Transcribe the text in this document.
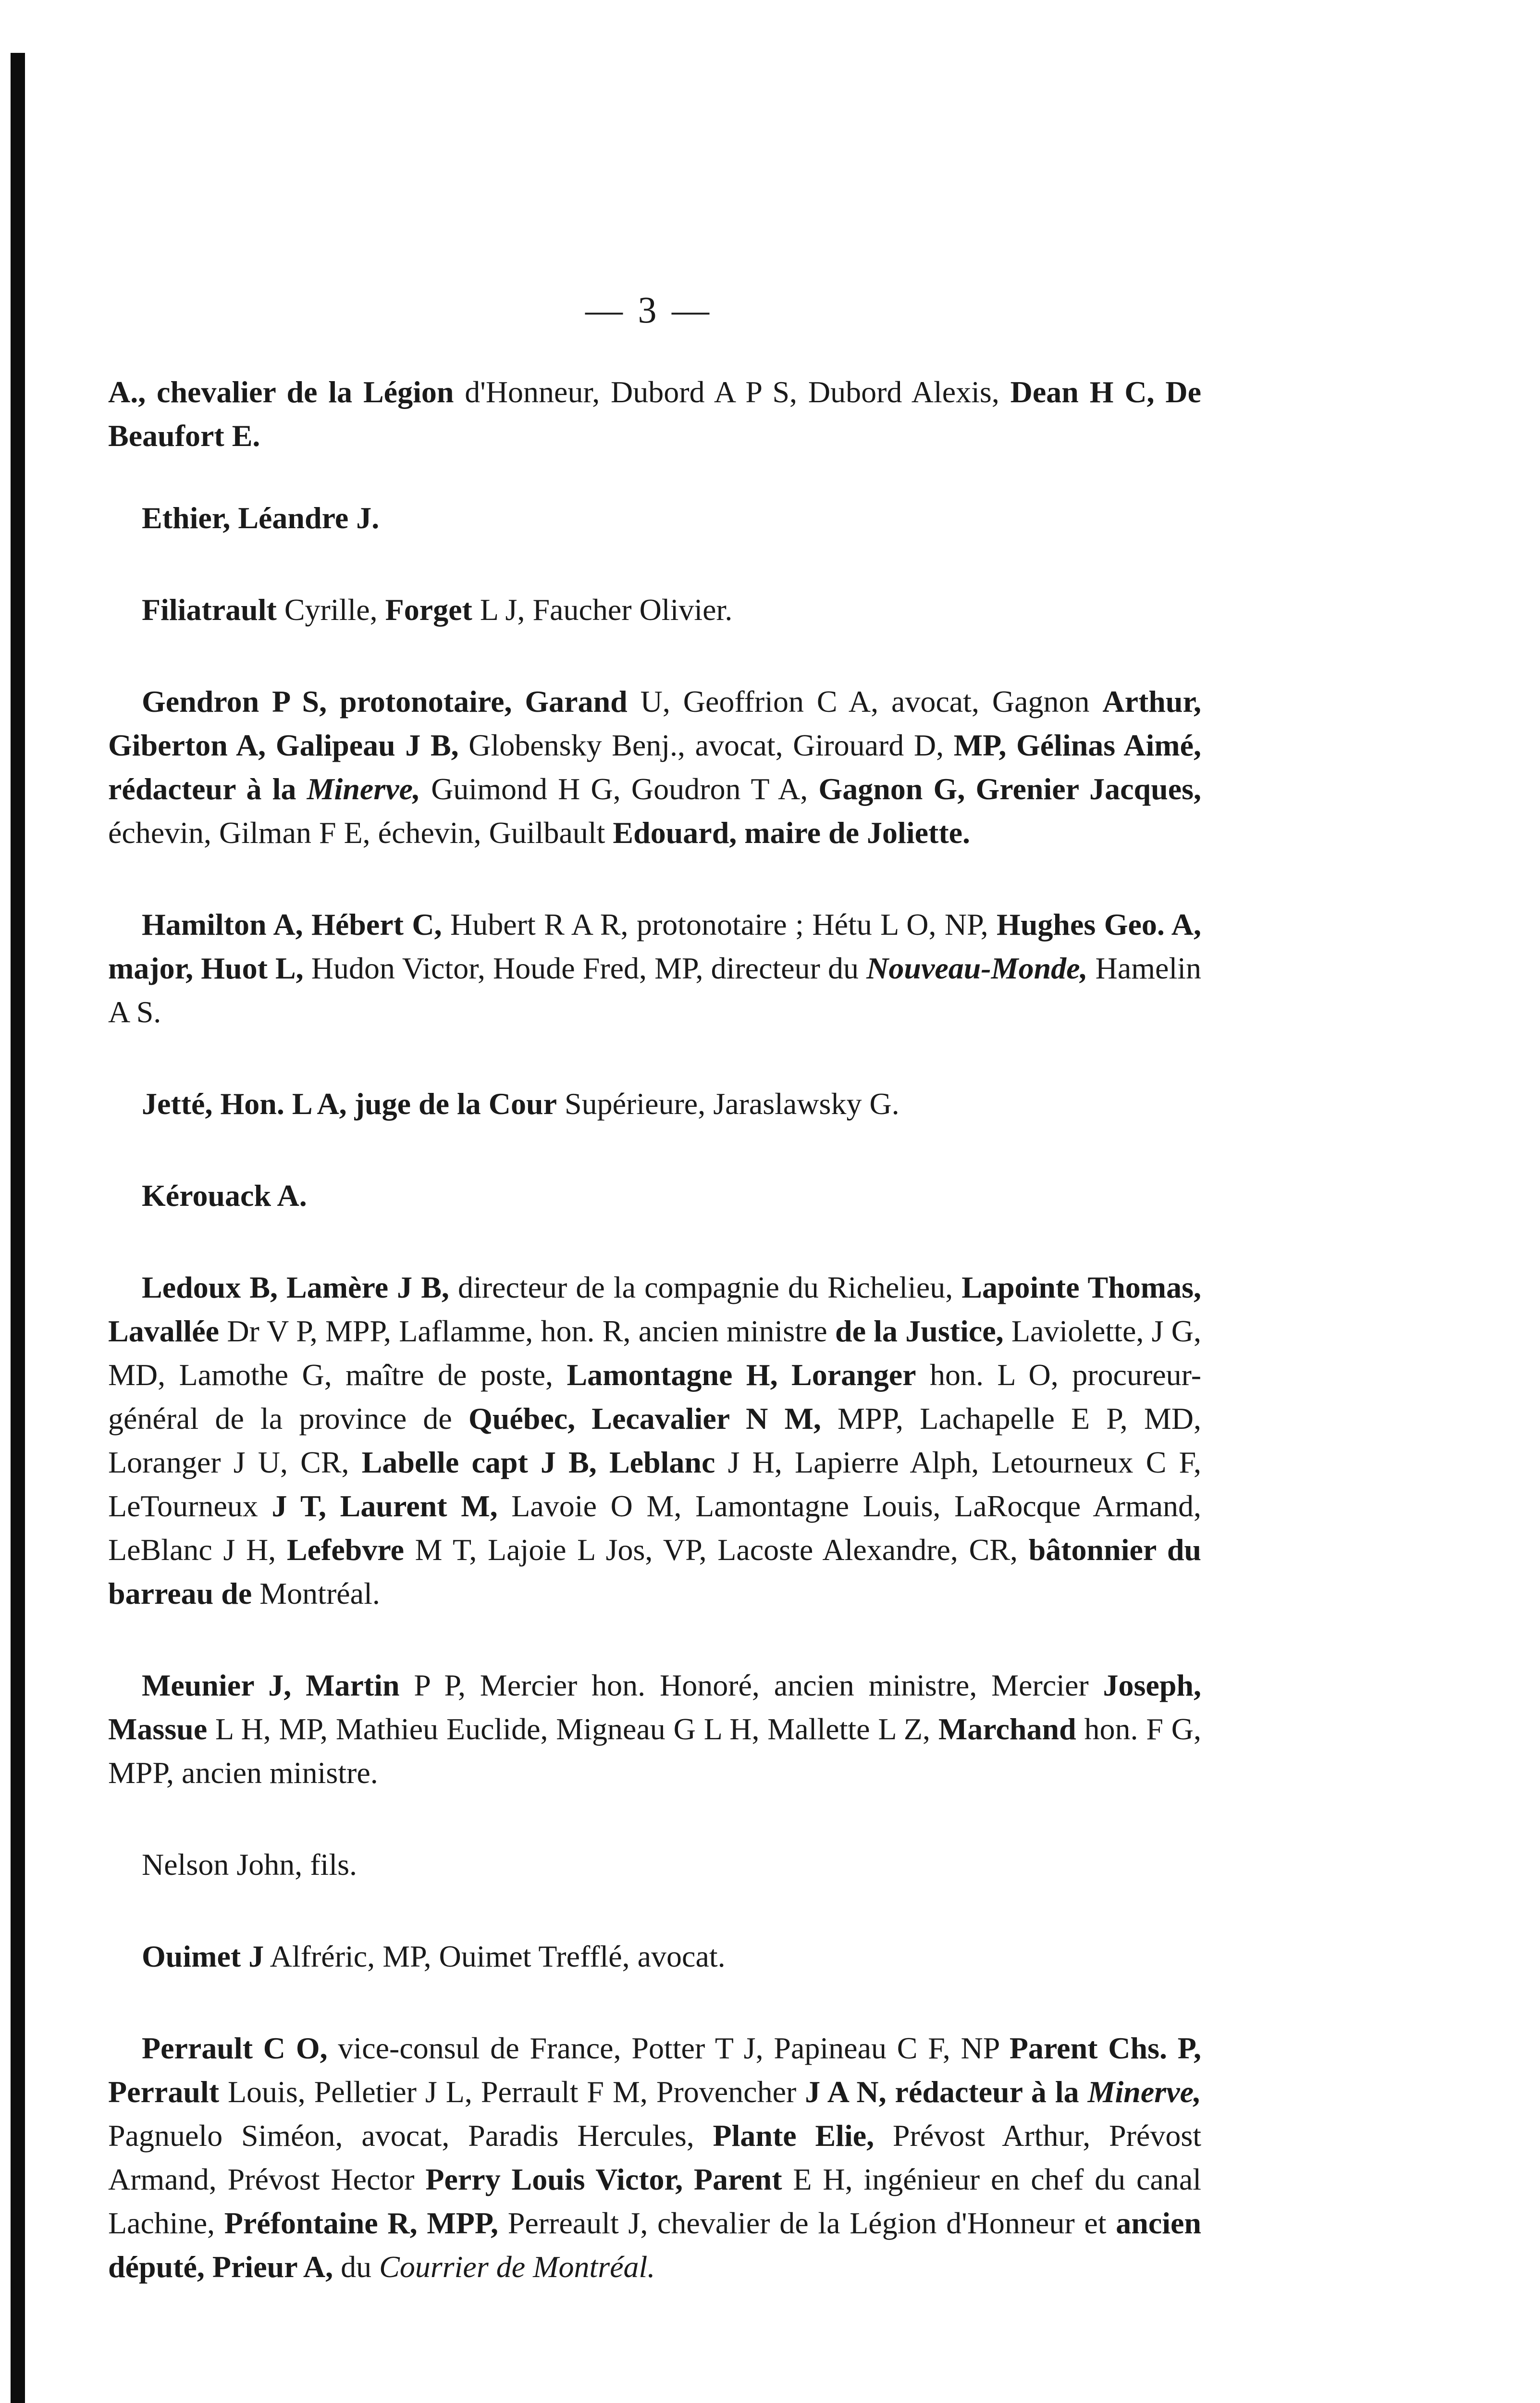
— 3 —

A., chevalier de la Légion d'Honneur, Dubord A P S, Dubord Alexis, Dean H C, De Beaufort E.

Ethier, Léandre J.

Filiatrault Cyrille, Forget L J, Faucher Olivier.

Gendron P S, protonotaire, Garand U, Geoffrion C A, avocat, Gagnon Arthur, Giberton A, Galipeau J B, Globensky Benj., avocat, Girouard D, MP, Gélinas Aimé, rédacteur à la Minerve, Guimond H G, Goudron T A, Gagnon G, Grenier Jacques, échevin, Gilman F E, échevin, Guilbault Edouard, maire de Joliette.

Hamilton A, Hébert C, Hubert R A R, protonotaire ; Hétu L O, NP, Hughes Geo. A, major, Huot L, Hudon Victor, Houde Fred, MP, directeur du Nouveau-Monde, Hamelin A S.

Jetté, Hon. L A, juge de la Cour Supérieure, Jaraslawsky G.

Kérouack A.

Ledoux B, Lamère J B, directeur de la compagnie du Richelieu, Lapointe Thomas, Lavallée Dr V P, MPP, Laflamme, hon. R, ancien ministre de la Justice, Laviolette, J G, MD, Lamothe G, maître de poste, Lamontagne H, Loranger hon. L O, procureur-général de la province de Québec, Lecavalier N M, MPP, Lachapelle E P, MD, Loranger J U, CR, Labelle capt J B, Leblanc J H, Lapierre Alph, Letourneux C F, LeTourneux J T, Laurent M, Lavoie O M, Lamontagne Louis, LaRocque Armand, LeBlanc J H, Lefebvre M T, Lajoie L Jos, VP, Lacoste Alexandre, CR, bâtonnier du barreau de Montréal.

Meunier J, Martin P P, Mercier hon. Honoré, ancien ministre, Mercier Joseph, Massue L H, MP, Mathieu Euclide, Migneau G L H, Mallette L Z, Marchand hon. F G, MPP, ancien ministre.

Nelson John, fils.

Ouimet J Alfréric, MP, Ouimet Trefflé, avocat.

Perrault C O, vice-consul de France, Potter T J, Papineau C F, NP Parent Chs. P, Perrault Louis, Pelletier J L, Perrault F M, Provencher J A N, rédacteur à la Minerve, Pagnuelo Siméon, avocat, Paradis Hercules, Plante Elie, Prévost Arthur, Prévost Armand, Prévost Hector Perry Louis Victor, Parent E H, ingénieur en chef du canal Lachine, Préfontaine R, MPP, Perreault J, chevalier de la Légion d'Honneur et ancien député, Prieur A, du Courrier de Montréal.
